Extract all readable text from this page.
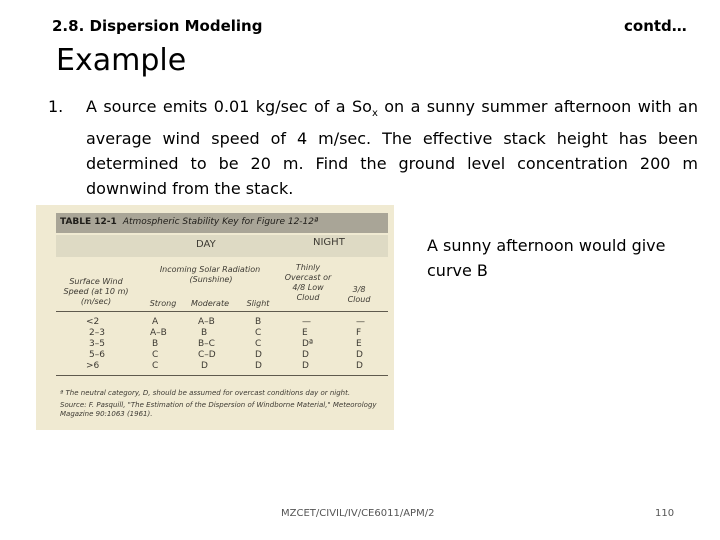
2.8. Dispersion Modeling	contd…
Example
1. A source emits 0.01 kg/sec of a $So_x$ on a sunny summer afternoon with an average wind speed of 4 m/sec. The effective stack height has been determined to be 20 m. Find the ground level concentration 200 m downwind from the stack.
TABLE 12-1 Atmospheric Stability Key for Figure 12-12ª
DAY	NIGHT
Incoming Solar Radiation
(Sunshine)
Surface Wind Speed (at 10 m) (m/sec)
Thinly Overcast or 4/8 Low Cloud
3/8 Cloud
Strong	Moderate	Slight
<2	A	A–B	B	—	—
2–3	A–B	B	C	E	F
3–5	B	B–C	C	Dª	E
5–6	C	C–D	D	D	D
>6	C	D	D	D	D
ª The neutral category, D, should be assumed for overcast conditions day or night.
Source: F. Pasquill, "The Estimation of the Dispersion of Windborne Material," Meteorology Magazine 90:1063 (1961).
A sunny afternoon would give curve B
MZCET/CIVIL/IV/CE6011/APM/2	110
